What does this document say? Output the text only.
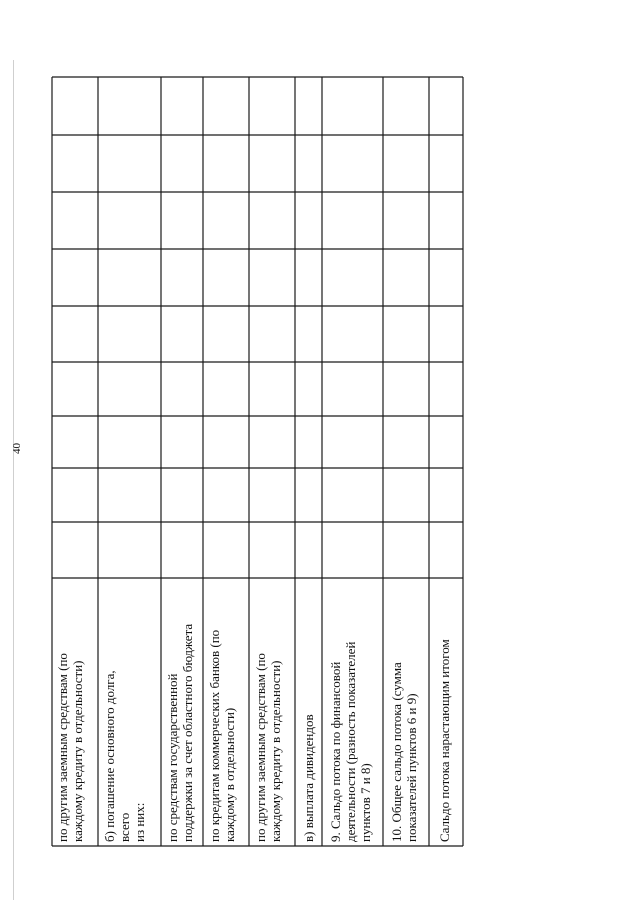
40
по другим заемным средствам (по каждому кредиту в отдельности) б) погашение основного долга, всего из них: по средствам государственной поддержки за счет областного бюджета по кредитам коммерческих банков (по каждому в отдельности) по другим заемным средствам (по каждому кредиту в отдельности) в) выплата дивидендов 9. Сальдо потока по финансовой деятельности (разность показателей пунктов 7 и 8) 10. Общее сальдо потока (сумма показателей пунктов 6 и 9) Сальдо потока нарастающим итогом
